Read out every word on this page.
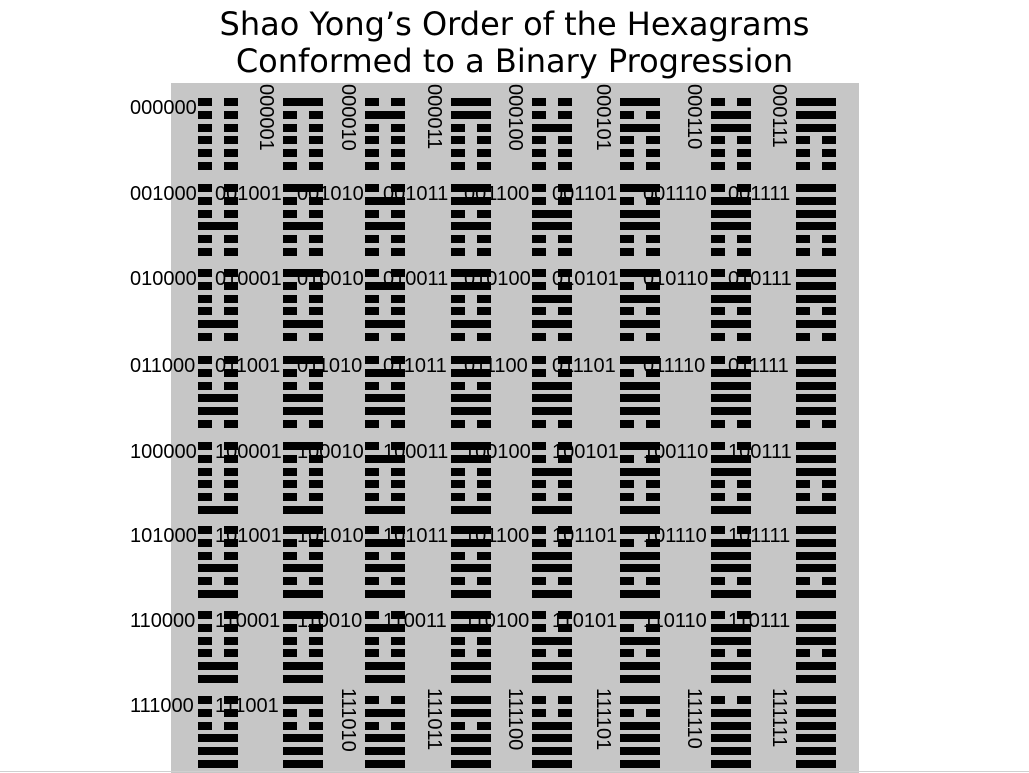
Shao Yong’s Order of the Hexagrams
Conformed to a Binary Progression
000000	000001	000010	000011	000100	000101	000110	000111
001000 001001 001010 001011 001100 001101 001110 001111
010000 010001 010010 010011 010100 010101 010110 010111
011000 011001 011010 011011 011100 011101 011110 011111
100000 100001 100010 100011 100100 100101 100110 100111
101000 101001 101010 101011 101100 101101 101110 101111
110000 110001 110010 110011 110100 110101 110110 110111
111000 111001	111010	111011	111100	111101	111110	111111
